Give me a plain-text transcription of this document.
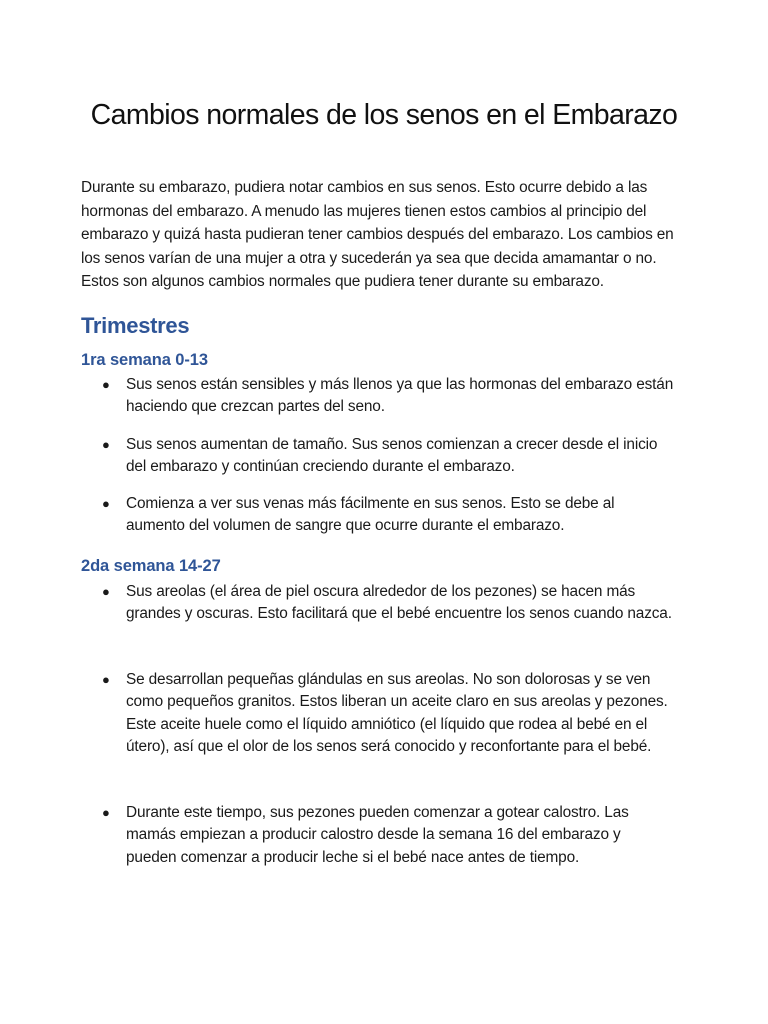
Cambios normales de los senos en el Embarazo

Durante su embarazo, pudiera notar cambios en sus senos. Esto ocurre debido a las hormonas del embarazo. A menudo las mujeres tienen estos cambios al principio del embarazo y quizá hasta pudieran tener cambios después del embarazo. Los cambios en los senos varían de una mujer a otra y sucederán ya sea que decida amamantar o no. Estos son algunos cambios normales que pudiera tener durante su embarazo.

Trimestres
1ra semana 0-13
● Sus senos están sensibles y más llenos ya que las hormonas del embarazo están haciendo que crezcan partes del seno.
● Sus senos aumentan de tamaño. Sus senos comienzan a crecer desde el inicio del embarazo y continúan creciendo durante el embarazo.
● Comienza a ver sus venas más fácilmente en sus senos. Esto se debe al aumento del volumen de sangre que ocurre durante el embarazo.
2da semana 14-27
● Sus areolas (el área de piel oscura alrededor de los pezones) se hacen más grandes y oscuras. Esto facilitará que el bebé encuentre los senos cuando nazca.
● Se desarrollan pequeñas glándulas en sus areolas. No son dolorosas y se ven como pequeños granitos. Estos liberan un aceite claro en sus areolas y pezones. Este aceite huele como el líquido amniótico (el líquido que rodea al bebé en el útero), así que el olor de los senos será conocido y reconfortante para el bebé.
● Durante este tiempo, sus pezones pueden comenzar a gotear calostro. Las mamás empiezan a producir calostro desde la semana 16 del embarazo y pueden comenzar a producir leche si el bebé nace antes de tiempo.
